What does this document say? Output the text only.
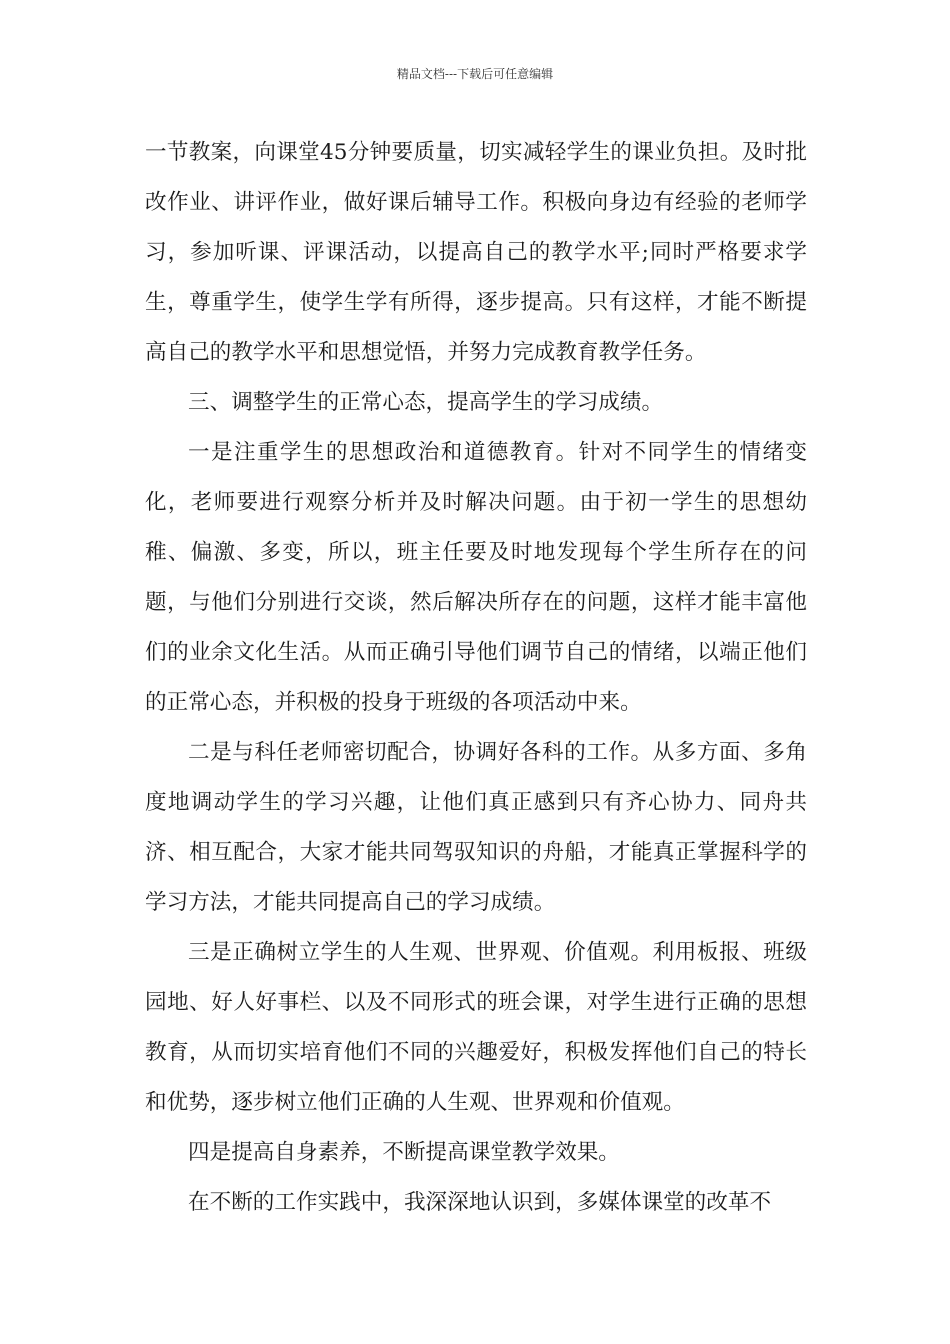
精品文档---下载后可任意编辑

一节教案，向课堂45分钟要质量，切实减轻学生的课业负担。及时批改作业、讲评作业，做好课后辅导工作。积极向身边有经验的老师学习，参加听课、评课活动，以提高自己的教学水平;同时严格要求学生，尊重学生，使学生学有所得，逐步提高。只有这样，才能不断提高自己的教学水平和思想觉悟，并努力完成教育教学任务。

三、调整学生的正常心态，提高学生的学习成绩。

一是注重学生的思想政治和道德教育。针对不同学生的情绪变化，老师要进行观察分析并及时解决问题。由于初一学生的思想幼稚、偏激、多变，所以，班主任要及时地发现每个学生所存在的问题，与他们分别进行交谈，然后解决所存在的问题，这样才能丰富他们的业余文化生活。从而正确引导他们调节自己的情绪，以端正他们的正常心态，并积极的投身于班级的各项活动中来。

二是与科任老师密切配合，协调好各科的工作。从多方面、多角度地调动学生的学习兴趣，让他们真正感到只有齐心协力、同舟共济、相互配合，大家才能共同驾驭知识的舟船，才能真正掌握科学的学习方法，才能共同提高自己的学习成绩。

三是正确树立学生的人生观、世界观、价值观。利用板报、班级园地、好人好事栏、以及不同形式的班会课，对学生进行正确的思想教育，从而切实培育他们不同的兴趣爱好，积极发挥他们自己的特长和优势，逐步树立他们正确的人生观、世界观和价值观。

四是提高自身素养，不断提高课堂教学效果。

在不断的工作实践中，我深深地认识到，多媒体课堂的改革不
